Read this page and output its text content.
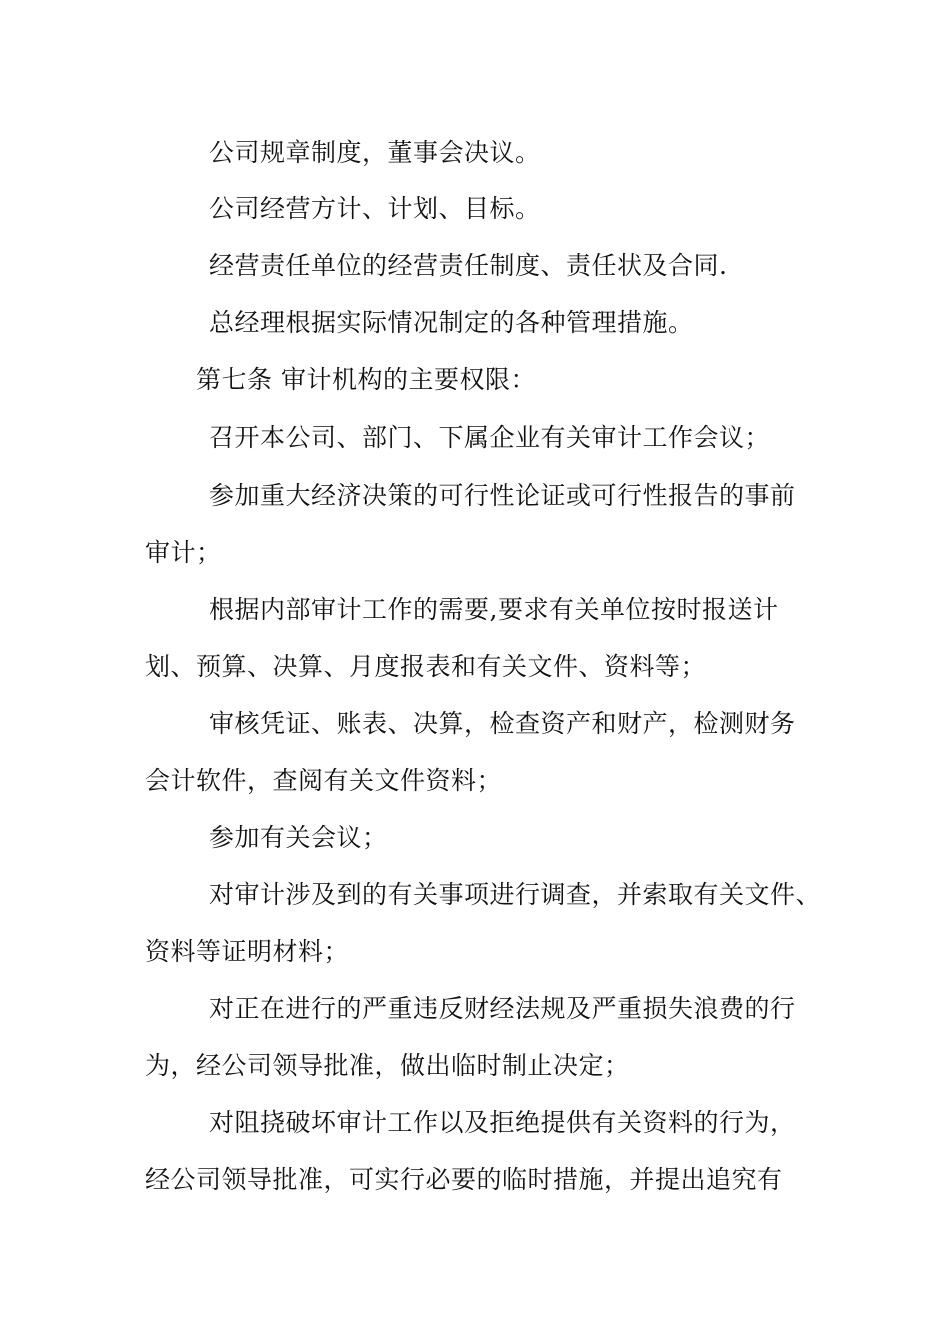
公司规章制度，董事会决议。
公司经营方计、计划、目标。
经营责任单位的经营责任制度、责任状及合同.
总经理根据实际情况制定的各种管理措施。
第七条 审计机构的主要权限：
召开本公司、部门、下属企业有关审计工作会议；
参加重大经济决策的可行性论证或可行性报告的事前
审计；
根据内部审计工作的需要,要求有关单位按时报送计
划、预算、决算、月度报表和有关文件、资料等；
审核凭证、账表、决算，检查资产和财产，检测财务
会计软件，查阅有关文件资料；
参加有关会议；
对审计涉及到的有关事项进行调查，并索取有关文件、
资料等证明材料；
对正在进行的严重违反财经法规及严重损失浪费的行
为，经公司领导批准，做出临时制止决定；
对阻挠破坏审计工作以及拒绝提供有关资料的行为，
经公司领导批准，可实行必要的临时措施，并提出追究有
